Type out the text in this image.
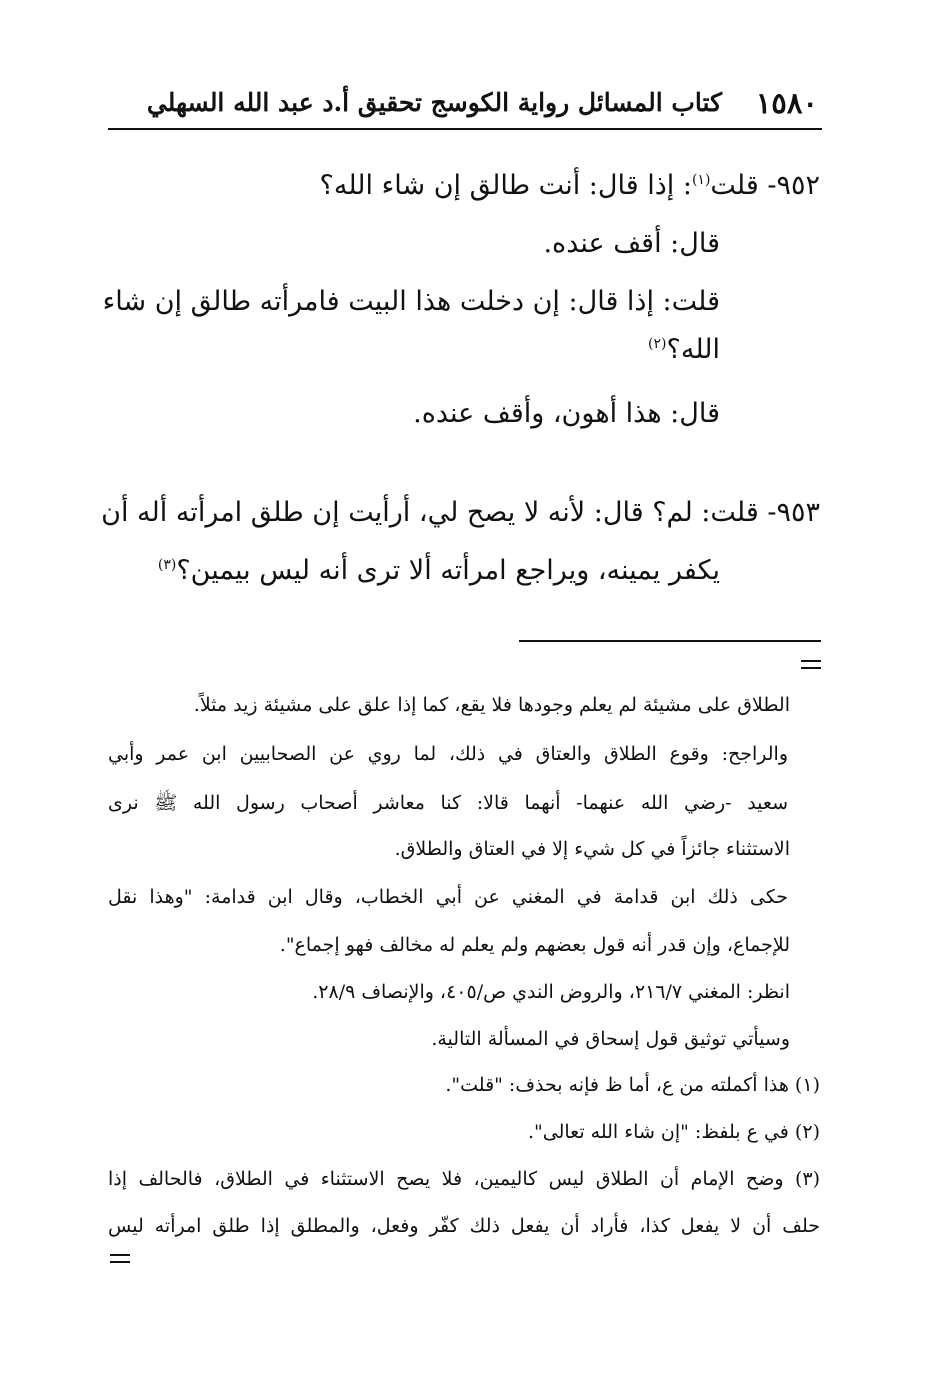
١٥٨٠
كتاب المسائل رواية الكوسج تحقيق أ.د عبد الله السهلي
٩٥٢- قلت$^{(١)}$: إذا قال: أنت طالق إن شاء الله؟
قال: أقف عنده.
قلت: إذا قال: إن دخلت هذا البيت فامرأته طالق إن شاء
الله؟$^{(٢)}$
قال: هذا أهون، وأقف عنده.
٩٥٣- قلت: لم؟ قال: لأنه لا يصح لي، أرأيت إن طلق امرأته أله أن
يكفر يمينه، ويراجع امرأته ألا ترى أنه ليس بيمين؟$^{(٣)}$
الطلاق على مشيئة لم يعلم وجودها فلا يقع، كما إذا علق على مشيئة زيد مثلاً.
والراجح: وقوع الطلاق والعتاق في ذلك، لما روي عن الصحابيين ابن عمر وأبي
سعيد -رضي الله عنهما- أنهما قالا: كنا معاشر أصحاب رسول الله ﷺ نرى
الاستثناء جائزاً في كل شيء إلا في العتاق والطلاق.
حكى ذلك ابن قدامة في المغني عن أبي الخطاب، وقال ابن قدامة: "وهذا نقل
للإجماع، وإن قدر أنه قول بعضهم ولم يعلم له مخالف فهو إجماع".
انظر: المغني ٢١٦/٧، والروض الندي ص/٤٠٥، والإنصاف ٢٨/٩.
وسيأتي توثيق قول إسحاق في المسألة التالية.
(١) هذا أكملته من ع، أما ظ فإنه بحذف: "قلت".
(٢) في ع بلفظ: "إن شاء الله تعالى".
(٣) وضح الإمام أن الطلاق ليس كاليمين، فلا يصح الاستثناء في الطلاق، فالحالف إذا
حلف أن لا يفعل كذا، فأراد أن يفعل ذلك كفّر وفعل، والمطلق إذا طلق امرأته ليس
